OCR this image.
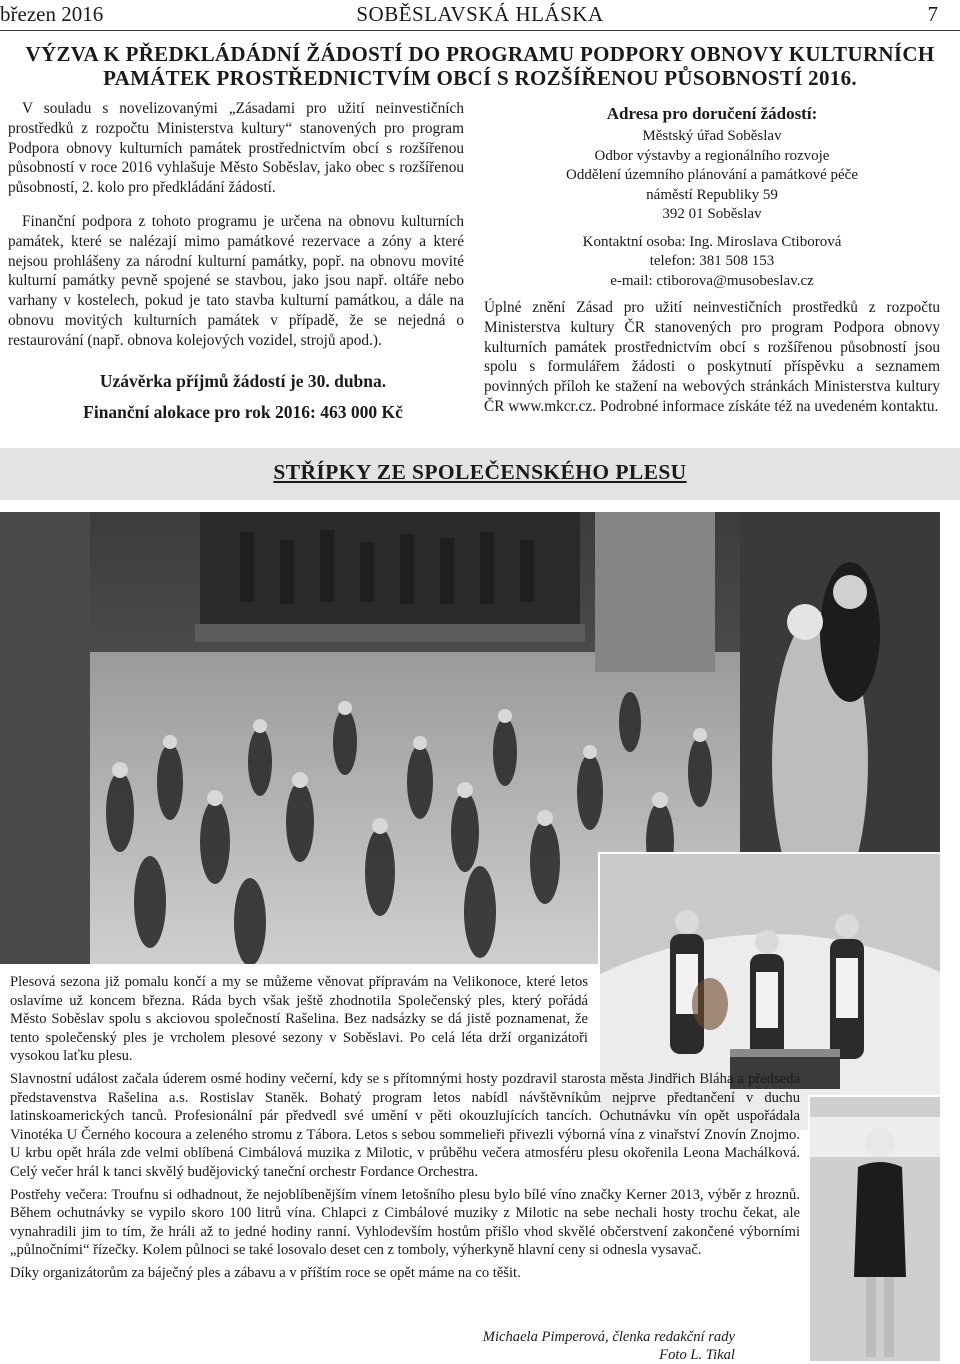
březen 2016	SOBĚSLAVSKÁ HLÁSKA	7
VÝZVA K PŘEDKLÁDÁDNÍ ŽÁDOSTÍ DO PROGRAMU PODPORY OBNOVY KULTURNÍCH
PAMÁTEK PROSTŘEDNICTVÍM OBCÍ S ROZŠÍŘENOU PŮSOBNOSTÍ 2016.

V souladu s novelizovanými „Zásadami pro užití neinvestičních prostředků z rozpočtu Ministerstva kultury“ stanovených pro program Podpora obnovy kulturních památek prostřednictvím obcí s rozšířenou působností v roce 2016 vyhlašuje Město Soběslav, jako obec s rozšířenou působností, 2. kolo pro předkládání žádostí.

Finanční podpora z tohoto programu je určena na obnovu kulturních památek, které se nalézají mimo památkové rezervace a zóny a které nejsou prohlášeny za národní kulturní památky, popř. na obnovu movité kulturní památky pevně spojené se stavbou, jako jsou např. oltáře nebo varhany v kostelech, pokud je tato stavba kulturní památkou, a dále na obnovu movitých kulturních památek v případě, že se nejedná o restaurování (např. obnova kolejových vozidel, strojů apod.).

Uzávěrka příjmů žádostí je 30. dubna.

Finanční alokace pro rok 2016: 463 000 Kč

Adresa pro doručení žádostí:

Městský úřad Soběslav
Odbor výstavby a regionálního rozvoje
Oddělení územního plánování a památkové péče
náměstí Republiky 59
392 01 Soběslav
Kontaktní osoba: Ing. Miroslava Ctiborová
telefon: 381 508 153
e-mail: ctiborova@musobeslav.cz

Úplné znění Zásad pro užití neinvestičních prostředků z rozpočtu Ministerstva kultury ČR stanovených pro program Podpora obnovy kulturních památek prostřednictvím obcí s rozšířenou působností jsou spolu s formulářem žádosti o poskytnutí příspěvku a seznamem povinných příloh ke stažení na webových stránkách Ministerstva kultury ČR www.mkcr.cz. Podrobné informace získáte též na uvedeném kontaktu.

STŘÍPKY ZE SPOLEČENSKÉHO PLESU

Plesová sezona již pomalu končí a my se můžeme věnovat přípravám na Velikonoce, které letos oslavíme už koncem března. Ráda bych však ještě zhodnotila Společenský ples, který pořádá Město Soběslav spolu s akciovou společností Rašelina. Bez nadsázky se dá jistě poznamenat, že tento společenský ples je vrcholem plesové sezony v Soběslavi. Po celá léta drží organizátoři vysokou laťku plesu.

Slavnostní událost začala úderem osmé hodiny večerní, kdy se s přítomnými hosty pozdravil starosta města Jindřich Bláha a předseda představenstva Rašelina a.s. Rostislav Staněk. Bohatý program letos nabídl návštěvníkům nejprve předtančení v duchu latinskoamerických tanců. Profesionální pár předvedl své umění v pěti okouzlujících tancích. Ochutnávku vín opět uspořádala Vinotéka U Černého kocoura a zeleného stromu z Tábora. Letos s sebou sommelieři přivezli výborná vína z vinařství Znovín Znojmo. U krbu opět hrála zde velmi oblíbená Cimbálová muzika z Milotic, v průběhu večera atmosféru plesu okořenila Leona Machálková. Celý večer hrál k tanci skvělý budějovický taneční orchestr Fordance Orchestra.

Postřehy večera: Troufnu si odhadnout, že nejoblíbenějším vínem letošního plesu bylo bílé víno značky Kerner 2013, výběr z hroznů. Během ochutnávky se vypilo skoro 100 litrů vína. Chlapci z Cimbálové muziky z Milotic na sebe nechali hosty trochu čekat, ale vynahradili jim to tím, že hráli až to jedné hodiny ranní. Vyhlodevším hostům přišlo vhod skvělé občerstvení zakončené výborními „půlnočními“ řízečky. Kolem půlnoci se také losovalo deset cen z tomboly, výherkyně hlavní ceny si odnesla vysavač.

Díky organizátorům za báječný ples a zábavu a v příštím roce se opět máme na co těšit.

Michaela Pimperová, členka redakční rady
Foto L. Tikal
